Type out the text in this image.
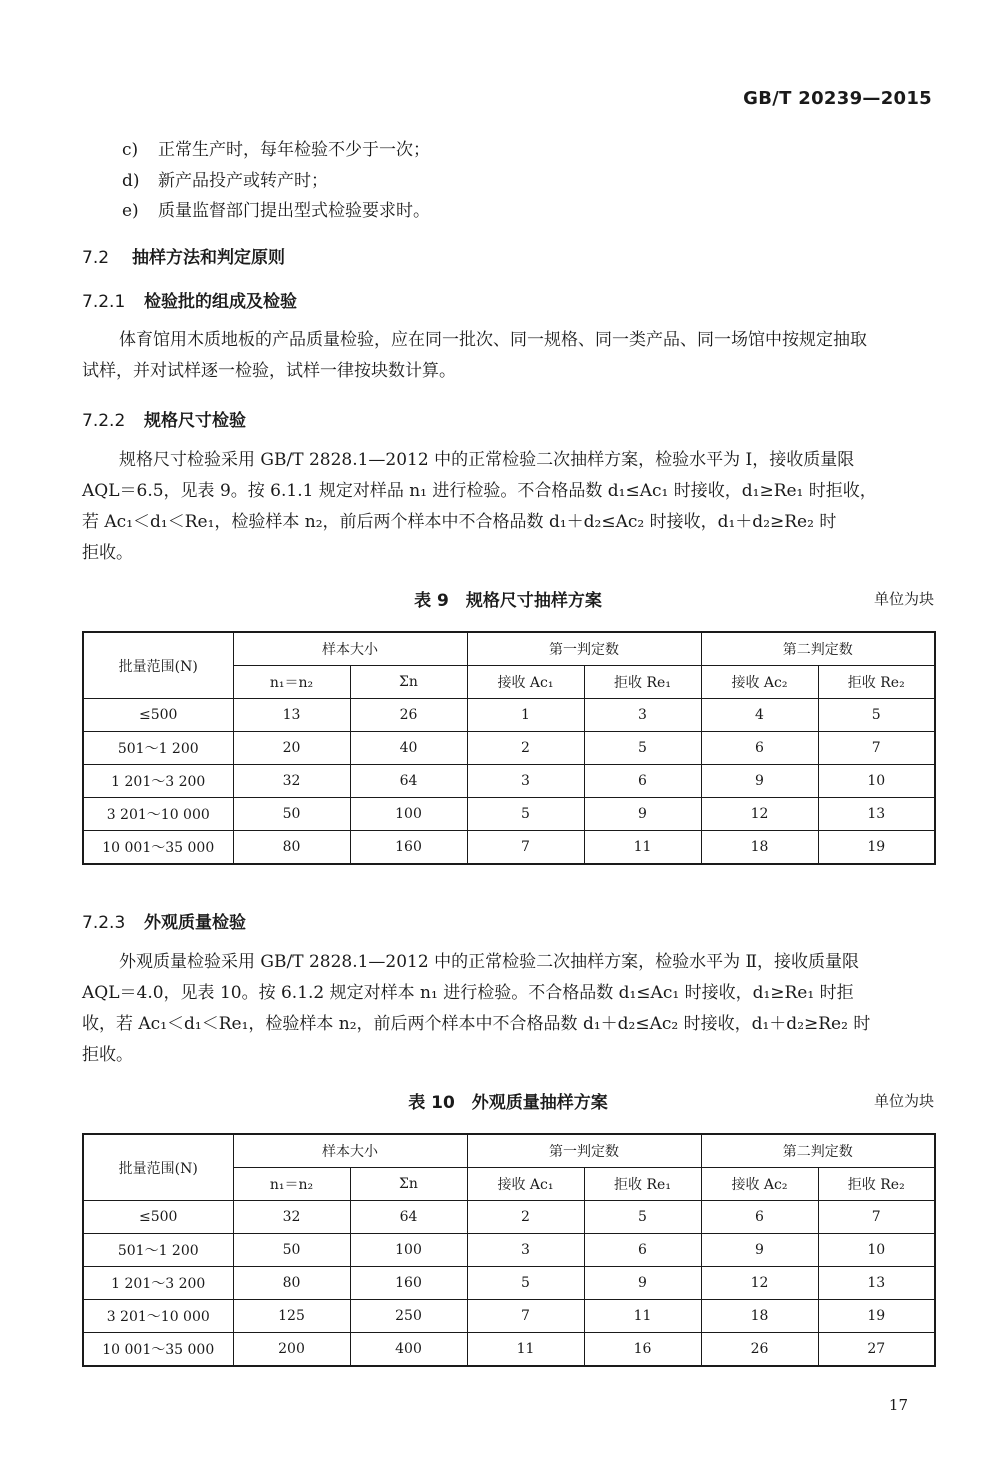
GB/T 20239—2015
c) 正常生产时，每年检验不少于一次；
d) 新产品投产或转产时；
e) 质量监督部门提出型式检验要求时。
7.2 抽样方法和判定原则
7.2.1 检验批的组成及检验
体育馆用木质地板的产品质量检验，应在同一批次、同一规格、同一类产品、同一场馆中按规定抽取
试样，并对试样逐一检验，试样一律按块数计算。
7.2.2 规格尺寸检验
规格尺寸检验采用 GB/T 2828.1—2012 中的正常检验二次抽样方案，检验水平为 Ⅰ，接收质量限
AQL＝6.5，见表 9。按 6.1.1 规定对样品 n₁ 进行检验。不合格品数 d₁≤Ac₁ 时接收，d₁≥Re₁ 时拒收，
若 Ac₁＜d₁＜Re₁，检验样本 n₂，前后两个样本中不合格品数 d₁＋d₂≤Ac₂ 时接收，d₁＋d₂≥Re₂ 时
拒收。
表 9　规格尺寸抽样方案	单位为块
批量范围(N)	样本大小		第一判定数		第二判定数	
	n₁＝n₂	Σn	接收 Ac₁	拒收 Re₁	接收 Ac₂	拒收 Re₂
≤500	13	26	1	3	4	5
501～1 200	20	40	2	5	6	7
1 201～3 200	32	64	3	6	9	10
3 201～10 000	50	100	5	9	12	13
10 001～35 000	80	160	7	11	18	19
7.2.3 外观质量检验
外观质量检验采用 GB/T 2828.1—2012 中的正常检验二次抽样方案，检验水平为 Ⅱ，接收质量限
AQL＝4.0，见表 10。按 6.1.2 规定对样本 n₁ 进行检验。不合格品数 d₁≤Ac₁ 时接收，d₁≥Re₁ 时拒
收，若 Ac₁＜d₁＜Re₁，检验样本 n₂，前后两个样本中不合格品数 d₁＋d₂≤Ac₂ 时接收，d₁＋d₂≥Re₂ 时
拒收。
表 10　外观质量抽样方案	单位为块
批量范围(N)	样本大小		第一判定数		第二判定数	
	n₁＝n₂	Σn	接收 Ac₁	拒收 Re₁	接收 Ac₂	拒收 Re₂
≤500	32	64	2	5	6	7
501～1 200	50	100	3	6	9	10
1 201～3 200	80	160	5	9	12	13
3 201～10 000	125	250	7	11	18	19
10 001～35 000	200	400	11	16	26	27
17
